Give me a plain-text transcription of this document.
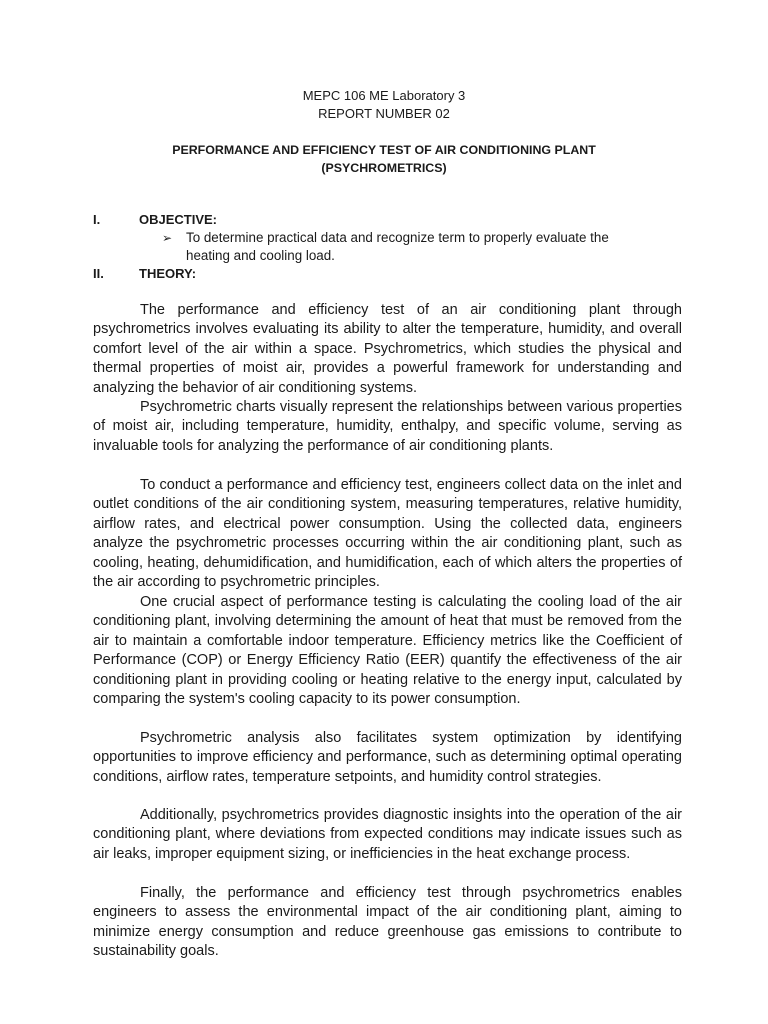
MEPC 106 ME Laboratory 3
REPORT NUMBER 02
PERFORMANCE AND EFFICIENCY TEST OF AIR CONDITIONING PLANT
(PSYCHROMETRICS)
I.	OBJECTIVE:
➢ To determine practical data and recognize term to properly evaluate the heating and cooling load.
II.	THEORY:

The performance and efficiency test of an air conditioning plant through psychrometrics involves evaluating its ability to alter the temperature, humidity, and overall comfort level of the air within a space. Psychrometrics, which studies the physical and thermal properties of moist air, provides a powerful framework for understanding and analyzing the behavior of air conditioning systems.

Psychrometric charts visually represent the relationships between various properties of moist air, including temperature, humidity, enthalpy, and specific volume, serving as invaluable tools for analyzing the performance of air conditioning plants.

To conduct a performance and efficiency test, engineers collect data on the inlet and outlet conditions of the air conditioning system, measuring temperatures, relative humidity, airflow rates, and electrical power consumption. Using the collected data, engineers analyze the psychrometric processes occurring within the air conditioning plant, such as cooling, heating, dehumidification, and humidification, each of which alters the properties of the air according to psychrometric principles.

One crucial aspect of performance testing is calculating the cooling load of the air conditioning plant, involving determining the amount of heat that must be removed from the air to maintain a comfortable indoor temperature. Efficiency metrics like the Coefficient of Performance (COP) or Energy Efficiency Ratio (EER) quantify the effectiveness of the air conditioning plant in providing cooling or heating relative to the energy input, calculated by comparing the system's cooling capacity to its power consumption.

Psychrometric analysis also facilitates system optimization by identifying opportunities to improve efficiency and performance, such as determining optimal operating conditions, airflow rates, temperature setpoints, and humidity control strategies.

Additionally, psychrometrics provides diagnostic insights into the operation of the air conditioning plant, where deviations from expected conditions may indicate issues such as air leaks, improper equipment sizing, or inefficiencies in the heat exchange process.

Finally, the performance and efficiency test through psychrometrics enables engineers to assess the environmental impact of the air conditioning plant, aiming to minimize energy consumption and reduce greenhouse gas emissions to contribute to sustainability goals.
